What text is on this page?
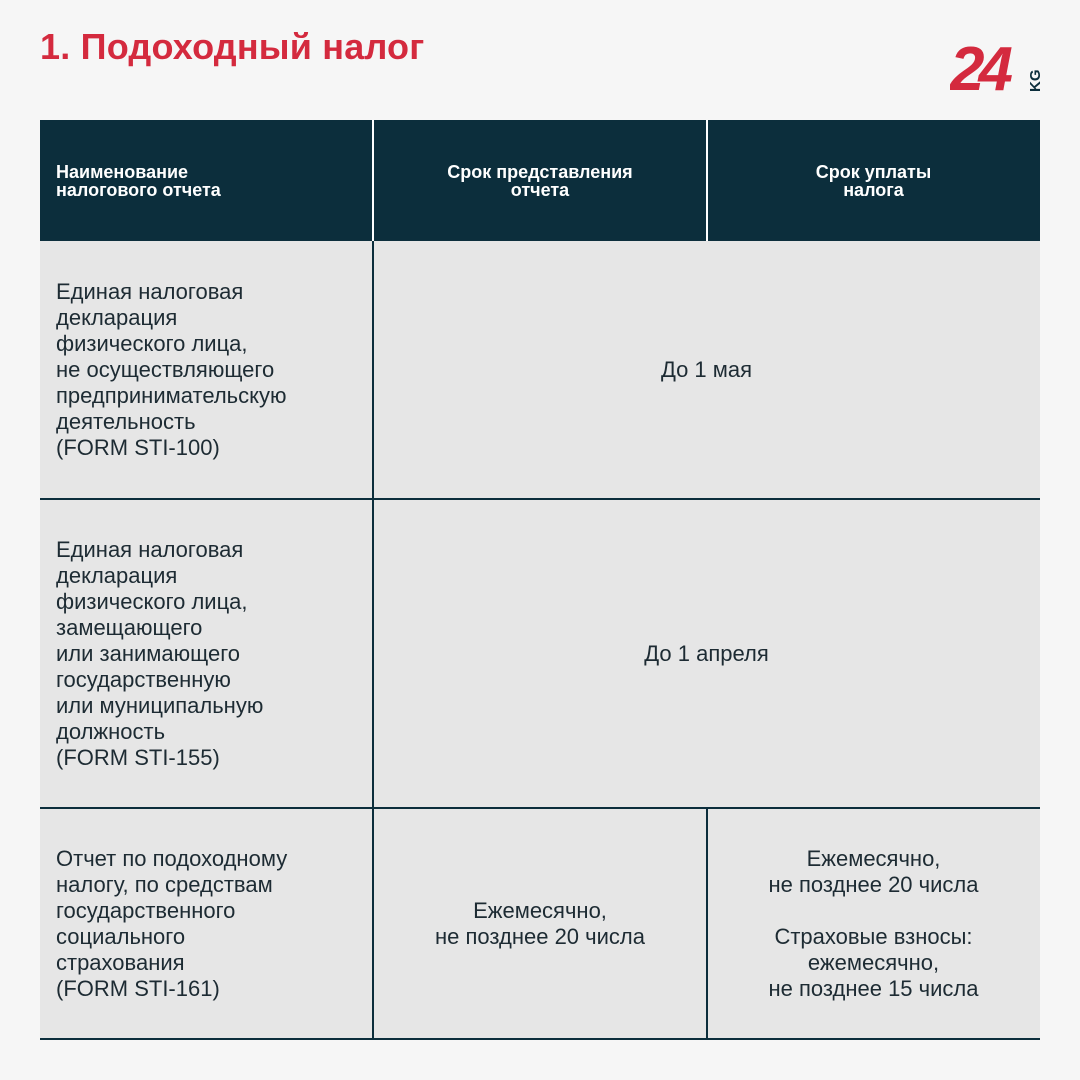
1. Подоходный налог	24	KG
Наименование
налогового отчета
Срок представления
отчета
Срок уплаты
налога
Единая налоговая
декларация
физического лица,
не осуществляющего
предпринимательскую
деятельность
(FORM STI-100)
До 1 мая
Единая налоговая
декларация
физического лица,
замещающего
или занимающего
государственную
или муниципальную
должность
(FORM STI-155)
До 1 апреля
Отчет по подоходному
налогу, по средствам
государственного
социального
страхования
(FORM STI-161)
Ежемесячно,
не позднее 20 числа
Ежемесячно,
не позднее 20 числа

Страховые взносы:
ежемесячно,
не позднее 15 числа
